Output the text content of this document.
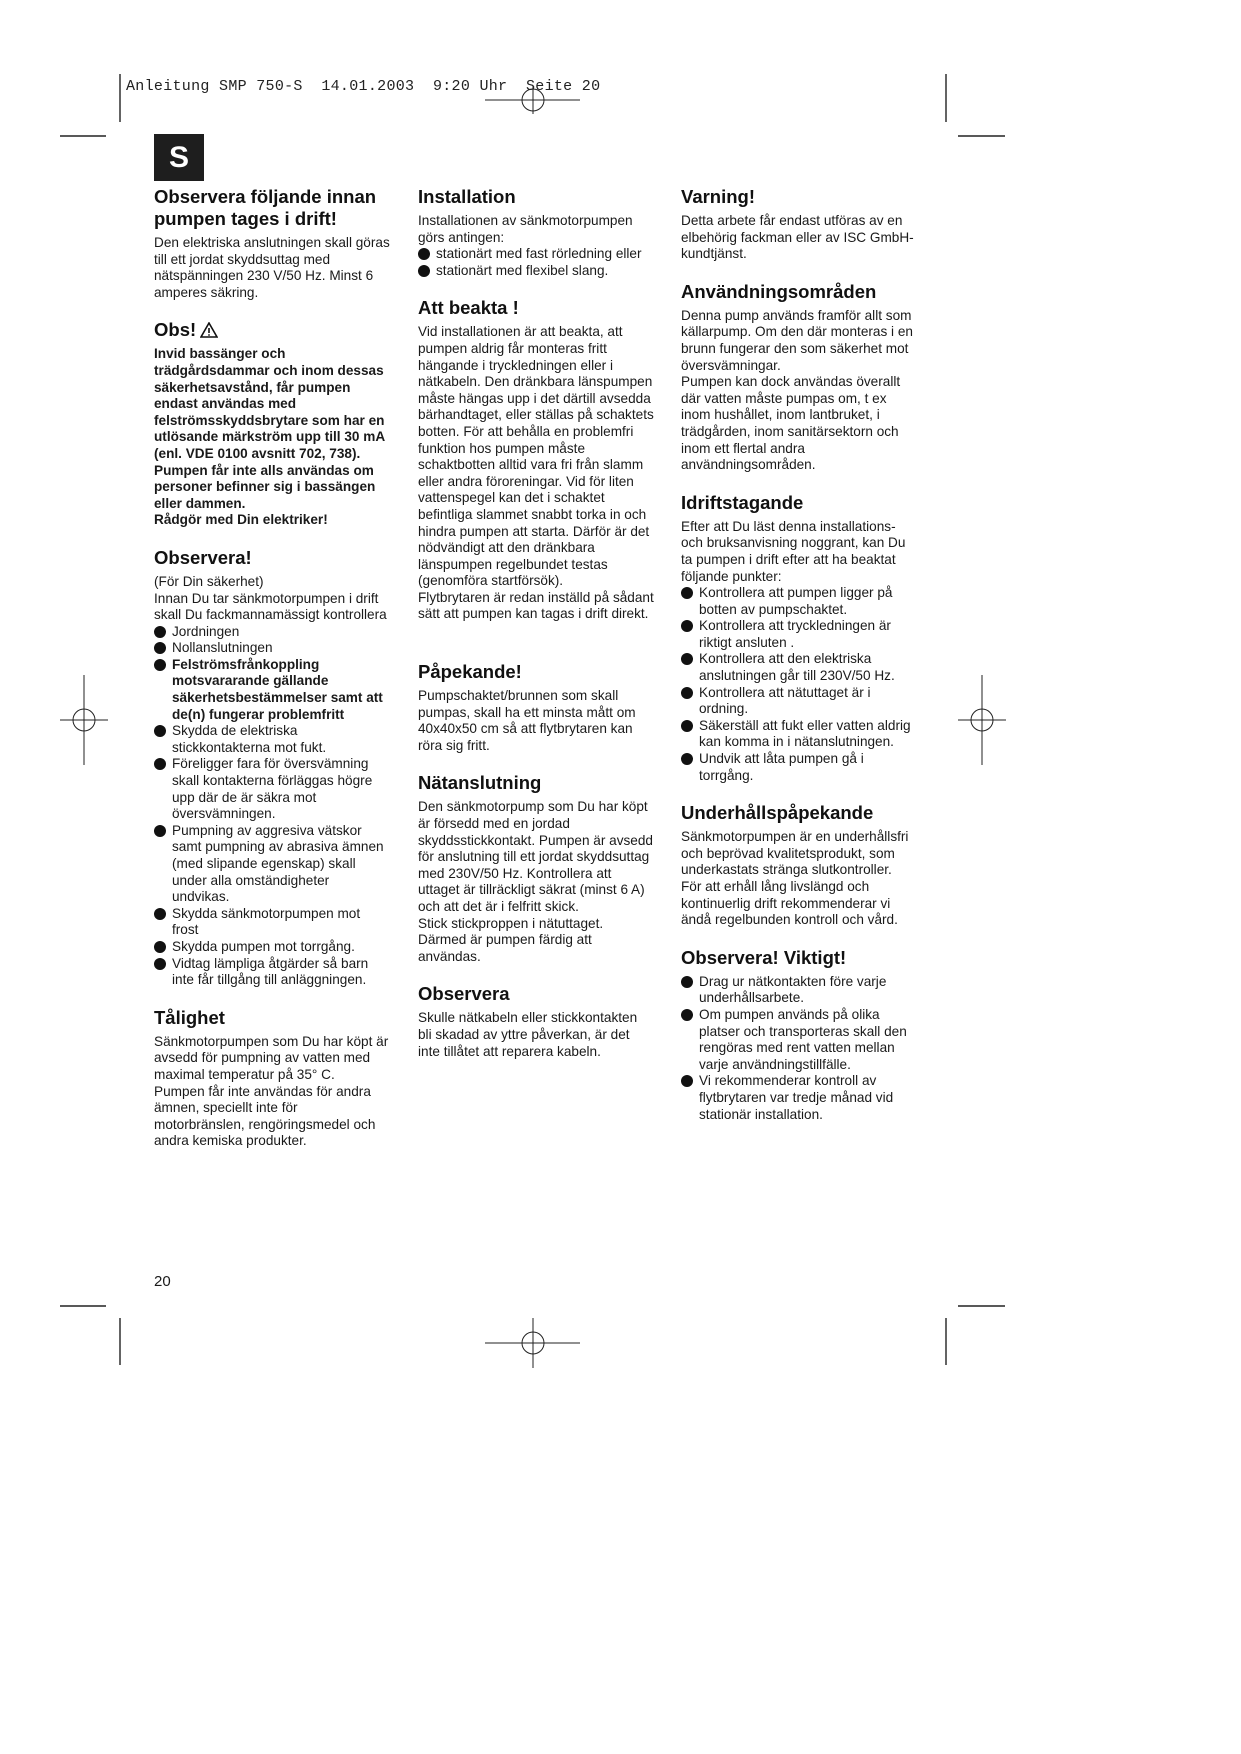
Anleitung SMP 750-S  14.01.2003  9:20 Uhr  Seite 20
S
Observera följande innan pumpen tages i drift!

Den elektriska anslutningen skall göras till ett jordat skyddsuttag med nätspänningen 230 V/50 Hz. Minst 6 amperes säkring.

Obs!

Invid bassänger och trädgårdsdammar och inom dessas säkerhetsavstånd, får pumpen endast användas med felströmsskyddsbrytare som har en utlösande märkström upp till 30 mA (enl. VDE 0100 avsnitt 702, 738). Pumpen får inte alls användas om personer befinner sig i bassängen eller dammen.

Rådgör med Din elektriker!

Observera!

(För Din säkerhet)

Innan Du tar sänkmotorpumpen i drift skall Du fackmannamässigt kontrollera

Jordningen
Nollanslutningen
Felströmsfrånkoppling motsvararande gällande säkerhetsbestämmelser samt att de(n) fungerar problemfritt
Skydda de elektriska stickkontakterna mot fukt.
Föreligger fara för översvämning skall kontakterna förläggas högre upp där de är säkra mot översvämningen.
Pumpning av aggresiva vätskor samt pumpning av abrasiva ämnen (med slipande egenskap) skall under alla omständigheter undvikas.
Skydda sänkmotorpumpen mot frost
Skydda pumpen mot torrgång.
Vidtag lämpliga åtgärder så barn inte får tillgång till anläggningen.
Tålighet

Sänkmotorpumpen som Du har köpt är avsedd för pumpning av vatten med maximal temperatur på 35° C.

Pumpen får inte användas för andra ämnen, speciellt inte för motorbränslen, rengöringsmedel och andra kemiska produkter.

Installation

Installationen av sänkmotorpumpen görs antingen:

stationärt med fast rörledning eller
stationärt med flexibel slang.
Att beakta !

Vid installationen är att beakta, att pumpen aldrig får monteras fritt hängande i tryckledningen eller i nätkabeln. Den dränkbara länspumpen måste hängas upp i det därtill avsedda bärhandtaget, eller ställas på schaktets botten. För att behålla en problemfri funktion hos pumpen måste schaktbotten alltid vara fri från slamm eller andra föroreningar. Vid för liten vattenspegel kan det i schaktet befintliga slammet snabbt torka in och hindra pumpen att starta. Därför är det nödvändigt att den dränkbara länspumpen regelbundet testas (genomföra startförsök).

Flytbrytaren är redan inställd på sådant sätt att pumpen kan tagas i drift direkt.

Påpekande!

Pumpschaktet/brunnen som skall pumpas, skall ha ett minsta mått om 40x40x50 cm så att flytbrytaren kan röra sig fritt.

Nätanslutning

Den sänkmotorpump som Du har köpt är försedd med en jordad skyddsstickkontakt. Pumpen är avsedd för anslutning till ett jordat skyddsuttag med 230V/50 Hz. Kontrollera att uttaget är tillräckligt säkrat (minst 6 A) och att det är i felfritt skick.

Stick stickproppen i nätuttaget. Därmed är pumpen färdig att användas.

Observera

Skulle nätkabeln eller stickkontakten bli skadad av yttre påverkan, är det inte tillåtet att reparera kabeln.

Varning!

Detta arbete får endast utföras av en elbehörig fackman eller av ISC GmbH-kundtjänst.

Användningsområden

Denna pump används framför allt som källarpump. Om den där monteras i en brunn fungerar den som säkerhet mot översvämningar.

Pumpen kan dock användas överallt där vatten måste pumpas om, t ex inom hushållet, inom lantbruket, i trädgården, inom sanitärsektorn och inom ett flertal andra användningsområden.

Idriftstagande

Efter att Du läst denna installations- och bruksanvisning noggrant, kan Du ta pumpen i drift efter att ha beaktat följande punkter:

Kontrollera att pumpen ligger på botten av pumpschaktet.
Kontrollera att tryckledningen är riktigt ansluten .
Kontrollera att den elektriska anslutningen går till 230V/50 Hz.
Kontrollera att nätuttaget är i ordning.
Säkerställ att fukt eller vatten aldrig kan komma in i nätanslutningen.
Undvik att låta pumpen gå i torrgång.
Underhållspåpekande

Sänkmotorpumpen är en underhållsfri och beprövad kvalitetsprodukt, som underkastats stränga slutkontroller.

För att erhåll lång livslängd och kontinuerlig drift rekommenderar vi ändå regelbunden kontroll och vård.

Observera! Viktigt!
Drag ur nätkontakten före varje underhållsarbete.
Om pumpen används på olika platser och transporteras skall den rengöras med rent vatten mellan varje användningstillfälle.
Vi rekommenderar kontroll av flytbrytaren var tredje månad vid stationär installation.
20
